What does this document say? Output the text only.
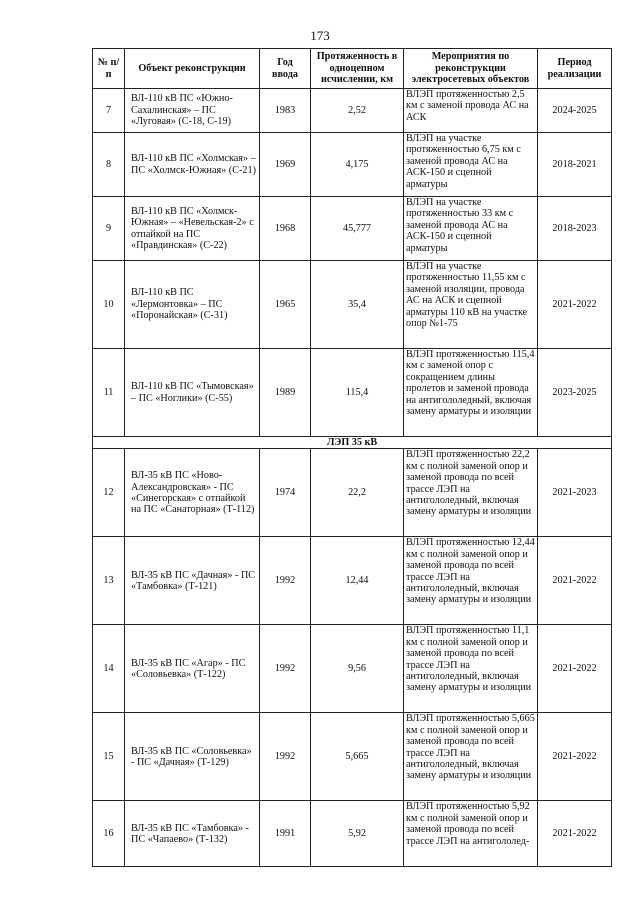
173
№ п/п	Объект реконструкции	Год ввода	Протяженность в одноцепном исчислении, км	Мероприятия по реконструкции электросетевых объектов	Период реализации
7	ВЛ-110 кВ ПС «Южно-Сахалинская» – ПС «Луговая» (С-18, С-19)	1983	2,52	ВЛЭП протяженностью 2,5 км с заменой провода АС на АСК	2024-2025
8	ВЛ-110 кВ ПС «Холмская» – ПС «Холмск-Южная» (С-21)	1969	4,175	ВЛЭП на участке протяженностью 6,75 км с заменой провода АС на АСК-150 и сцепной арматуры	2018-2021
9	ВЛ-110 кВ ПС «Холмск-Южная» – «Невельская-2» с отпайкой на ПС «Правдинская» (С-22)	1968	45,777	ВЛЭП на участке протяженностью 33 км с заменой провода АС на АСК-150 и сцепной арматуры	2018-2023
10	ВЛ-110 кВ ПС «Лермонтовка» – ПС «Поронайская» (С-31)	1965	35,4	ВЛЭП на участке протяженностью 11,55 км с заменой изоляции, провода АС на АСК и сцепной арматуры 110 кВ на участке опор №1-75	2021-2022
11	ВЛ-110 кВ ПС «Тымовская» – ПС «Ноглики» (С-55)	1989	115,4	ВЛЭП протяженностью 115,4 км с заменой опор с сокращением длины пролетов и заменой провода на антигололедный, включая замену арматуры и изоляции	2023-2025
ЛЭП 35 кВ					
12	ВЛ-35 кВ ПС «Ново-Александровская» - ПС «Синегорская» с отпайкой на ПС «Санаторная» (Т-112)	1974	22,2	ВЛЭП протяженностью 22,2 км с полной заменой опор и заменой провода по всей трассе ЛЭП на антигололедный, включая замену арматуры и изоляции	2021-2023
13	ВЛ-35 кВ ПС «Дачная» - ПС «Тамбовка» (Т-121)	1992	12,44	ВЛЭП протяженностью 12,44 км с полной заменой опор и заменой провода по всей трассе ЛЭП на антигололедный, включая замену арматуры и изоляции	2021-2022
14	ВЛ-35 кВ ПС «Агар» - ПС «Соловьевка» (Т-122)	1992	9,56	ВЛЭП протяженностью 11,1 км с полной заменой опор и заменой провода по всей трассе ЛЭП на антигололедный, включая замену арматуры и изоляции	2021-2022
15	ВЛ-35 кВ ПС «Соловьевка» - ПС «Дачная» (Т-129)	1992	5,665	ВЛЭП протяженностью 5,665 км с полной заменой опор и заменой провода по всей трассе ЛЭП на антигололедный, включая замену арматуры и изоляции	2021-2022
16	ВЛ-35 кВ ПС «Тамбовка» - ПС «Чапаево» (Т-132)	1991	5,92	ВЛЭП протяженностью 5,92 км с полной заменой опор и заменой провода по всей трассе ЛЭП на антигололед-	2021-2022
